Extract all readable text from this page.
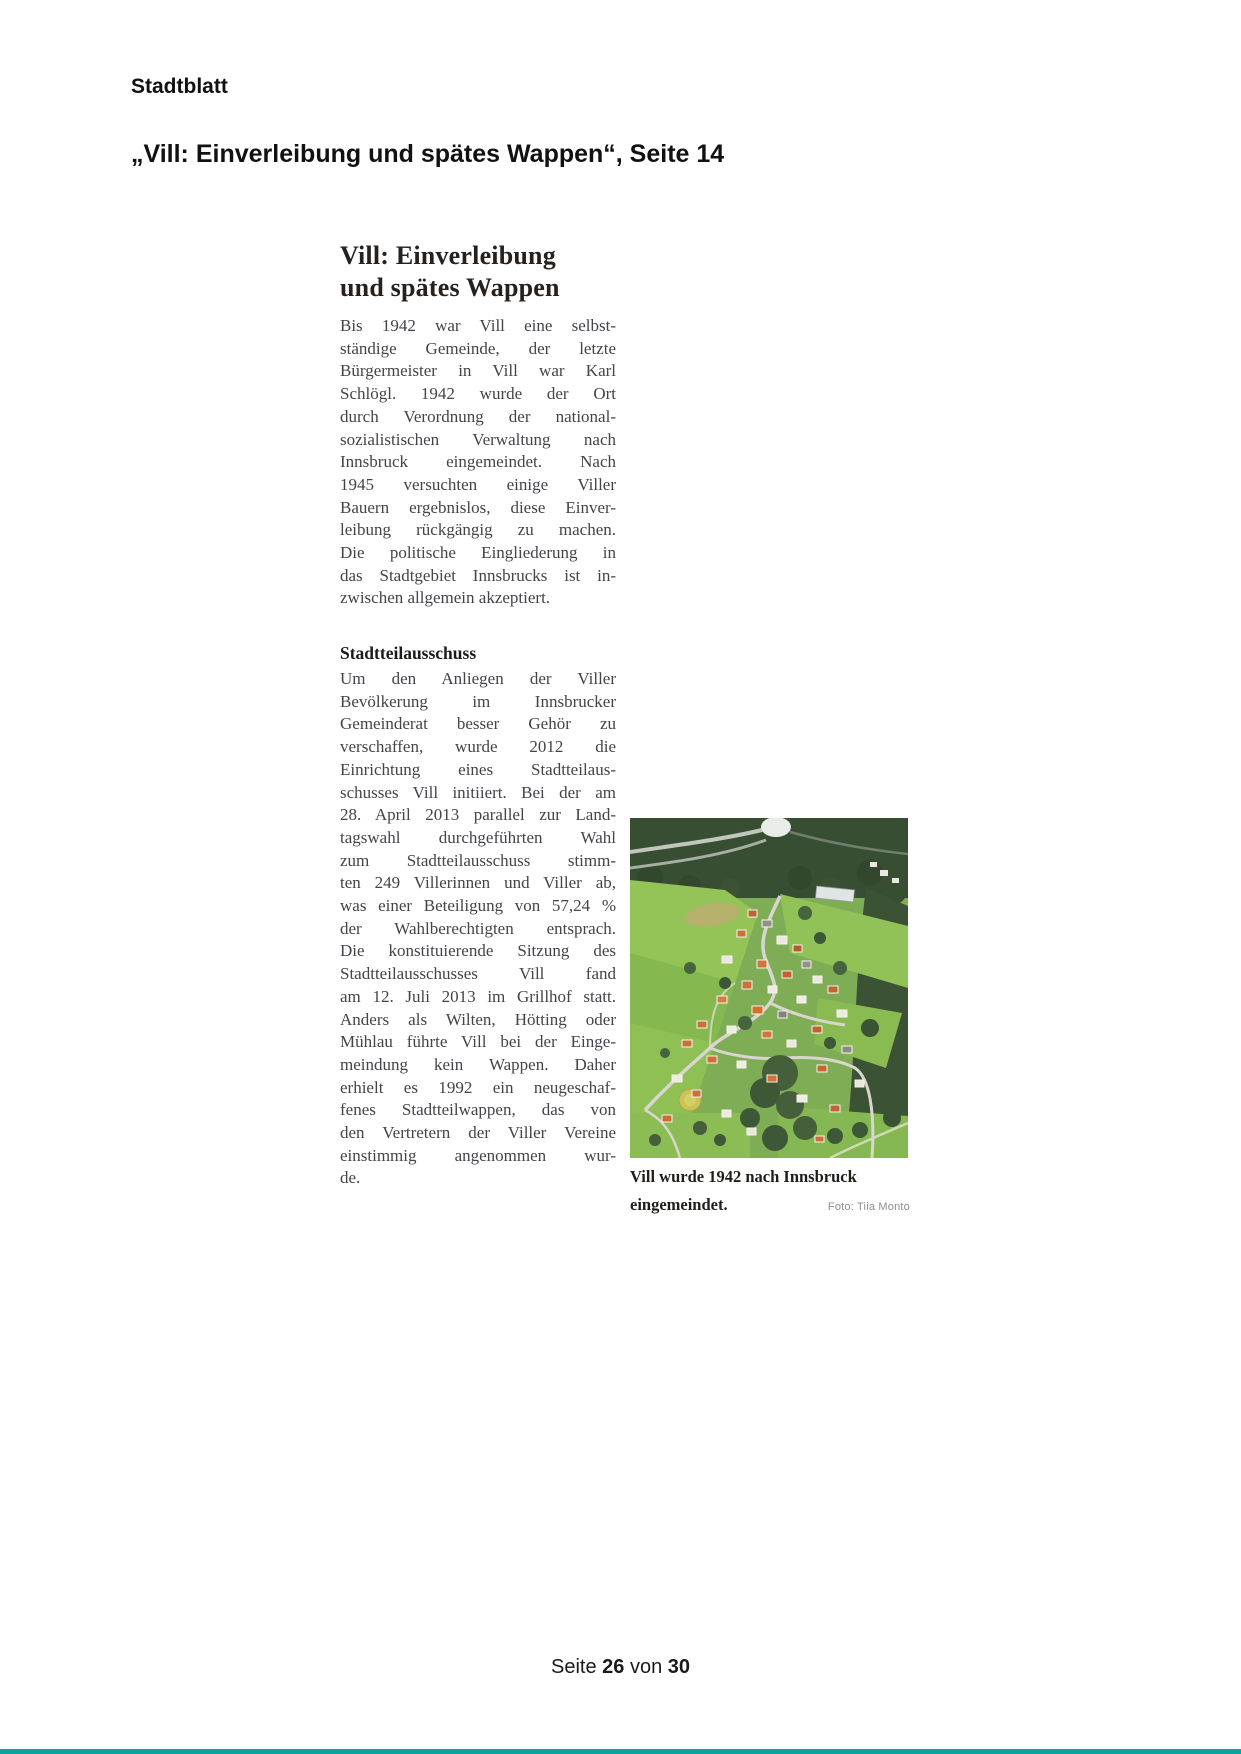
Stadtblatt
„Vill: Einverleibung und spätes Wappen“, Seite 14
Vill: Einverleibung
und spätes Wappen
Bis 1942 war Vill eine selbst-
ständige Gemeinde, der letzte
Bürgermeister in Vill war Karl
Schlögl. 1942 wurde der Ort
durch Verordnung der national-
sozialistischen Verwaltung nach
Innsbruck eingemeindet. Nach
1945 versuchten einige Viller
Bauern ergebnislos, diese Einver-
leibung rückgängig zu machen.
Die politische Eingliederung in
das Stadtgebiet Innsbrucks ist in-
zwischen allgemein akzeptiert.
Stadtteilausschuss
Um den Anliegen der Viller
Bevölkerung im Innsbrucker
Gemeinderat besser Gehör zu
verschaffen, wurde 2012 die
Einrichtung eines Stadtteilaus-
schusses Vill initiiert. Bei der am
28. April 2013 parallel zur Land-
tagswahl durchgeführten Wahl
zum Stadtteilausschuss stimm-
ten 249 Villerinnen und Viller ab,
was einer Beteiligung von 57,24 %
der Wahlberechtigten entsprach.
Die konstituierende Sitzung des
Stadtteilausschusses Vill fand
am 12. Juli 2013 im Grillhof statt.
Anders als Wilten, Hötting oder
Mühlau führte Vill bei der Einge-
meindung kein Wappen. Daher
erhielt es 1992 ein neugeschaf-
fenes Stadtteilwappen, das von
den Vertretern der Viller Vereine
einstimmig angenommen wur-
de.	Vill wurde 1942 nach Innsbruck
eingemeindet.	Foto: Tiia Monto
Seite 26 von 30
